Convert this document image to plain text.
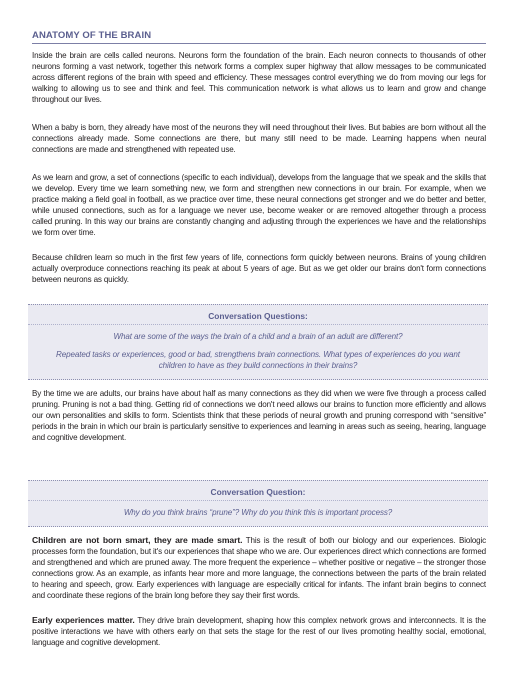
ANATOMY OF THE BRAIN

Inside the brain are cells called neurons. Neurons form the foundation of the brain. Each neuron connects to thousands of other neurons forming a vast network, together this network forms a complex super highway that allow messages to be communicated across different regions of the brain with speed and efficiency. These messages control everything we do from moving our legs for walking to allowing us to see and think and feel. This communication network is what allows us to learn and grow and change throughout our lives.

When a baby is born, they already have most of the neurons they will need throughout their lives. But babies are born without all the connections already made. Some connections are there, but many still need to be made. Learning happens when neural connections are made and strengthened with repeated use.

As we learn and grow, a set of connections (specific to each individual), develops from the language that we speak and the skills that we develop. Every time we learn something new, we form and strengthen new connections in our brain. For example, when we practice making a field goal in football, as we practice over time, these neural connections get stronger and we do better and better, while unused connections, such as for a language we never use, become weaker or are removed altogether through a process called pruning. In this way our brains are constantly changing and adjusting through the experiences we have and the relationships we form over time.

Because children learn so much in the first few years of life, connections form quickly between neurons. Brains of young children actually overproduce connections reaching its peak at about 5 years of age. But as we get older our brains don't form connections between neurons as quickly.

Conversation Questions:

What are some of the ways the brain of a child and a brain of an adult are different?

Repeated tasks or experiences, good or bad, strengthens brain connections. What types of experiences do you want children to have as they build connections in their brains?

By the time we are adults, our brains have about half as many connections as they did when we were five through a process called pruning. Pruning is not a bad thing. Getting rid of connections we don't need allows our brains to function more efficiently and allows our own personalities and skills to form. Scientists think that these periods of neural growth and pruning correspond with “sensitive” periods in the brain in which our brain is particularly sensitive to experiences and learning in areas such as seeing, hearing, language and cognitive development.

Conversation Question:

Why do you think brains “prune”? Why do you think this is important process?

Children are not born smart, they are made smart. This is the result of both our biology and our experiences. Biologic processes form the foundation, but it's our experiences that shape who we are. Our experiences direct which connections are formed and strengthened and which are pruned away. The more frequent the experience – whether positive or negative – the stronger those connections grow. As an example, as infants hear more and more language, the connections between the parts of the brain related to hearing and speech, grow. Early experiences with language are especially critical for infants. The infant brain begins to connect and coordinate these regions of the brain long before they say their first words.

Early experiences matter. They drive brain development, shaping how this complex network grows and interconnects. It is the positive interactions we have with others early on that sets the stage for the rest of our lives promoting healthy social, emotional, language and cognitive development.
